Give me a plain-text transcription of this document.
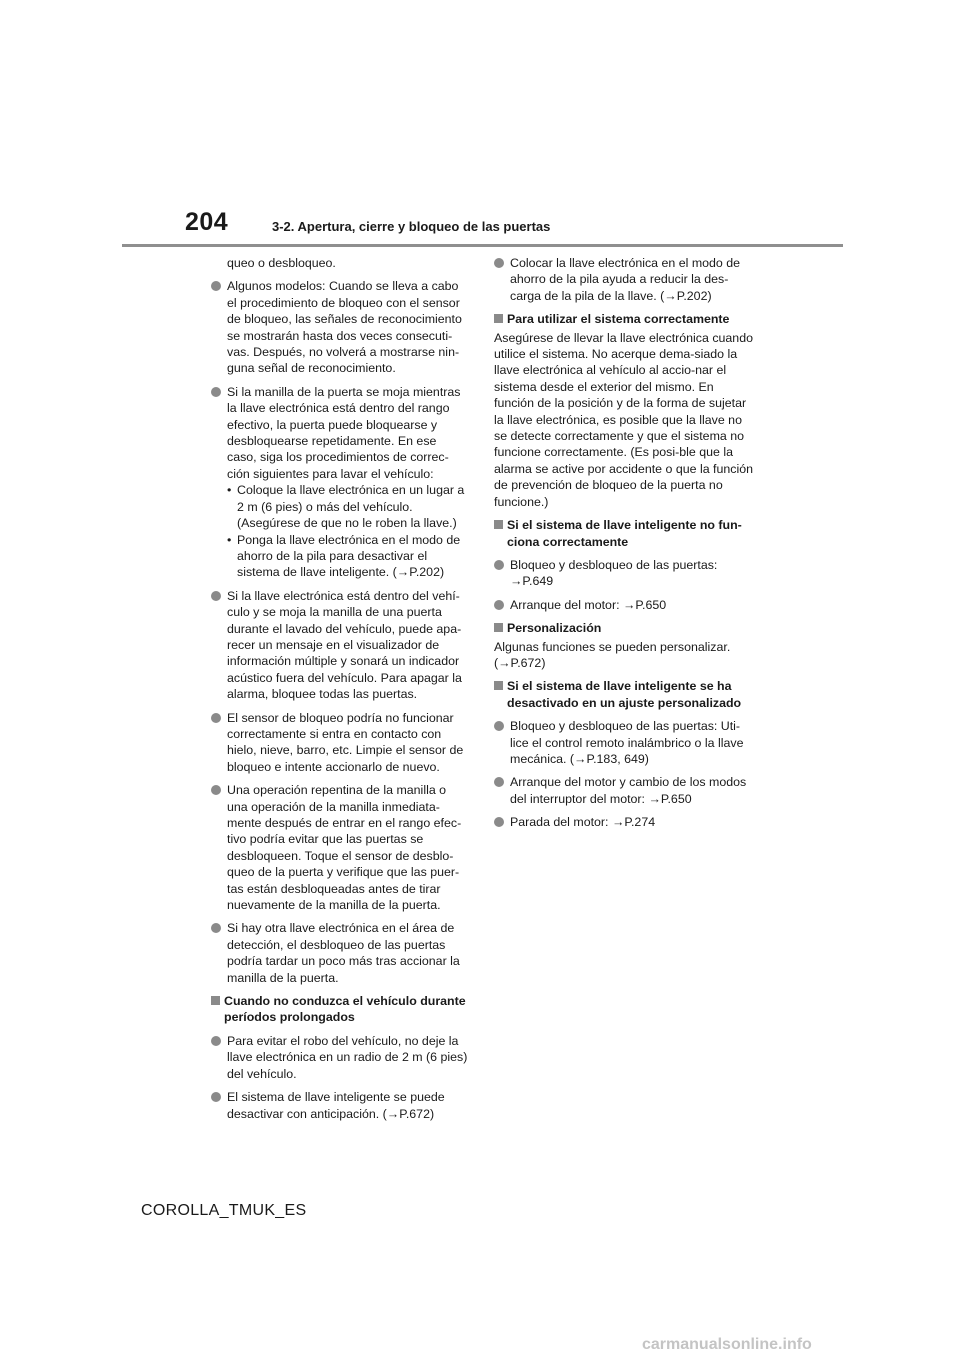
204	3-2. Apertura, cierre y bloqueo de las puertas
queo o desbloqueo.
Algunos modelos: Cuando se lleva a cabo el procedimiento de bloqueo con el sensor de bloqueo, las señales de reconocimiento se mostrarán hasta dos veces consecuti-vas. Después, no volverá a mostrarse nin-guna señal de reconocimiento.
Si la manilla de la puerta se moja mientras la llave electrónica está dentro del rango efectivo, la puerta puede bloquearse y desbloquearse repetidamente. En ese caso, siga los procedimientos de correc-ción siguientes para lavar el vehículo:
• Coloque la llave electrónica en un lugar a 2 m (6 pies) o más del vehículo. (Asegúrese de que no le roben la llave.)
• Ponga la llave electrónica en el modo de ahorro de la pila para desactivar el sistema de llave inteligente. (→P.202)
Si la llave electrónica está dentro del vehí-culo y se moja la manilla de una puerta durante el lavado del vehículo, puede apa-recer un mensaje en el visualizador de información múltiple y sonará un indicador acústico fuera del vehículo. Para apagar la alarma, bloquee todas las puertas.
El sensor de bloqueo podría no funcionar correctamente si entra en contacto con hielo, nieve, barro, etc. Limpie el sensor de bloqueo e intente accionarlo de nuevo.
Una operación repentina de la manilla o una operación de la manilla inmediata-mente después de entrar en el rango efec-tivo podría evitar que las puertas se desbloqueen. Toque el sensor de desblo-queo de la puerta y verifique que las puer-tas están desbloqueadas antes de tirar nuevamente de la manilla de la puerta.
Si hay otra llave electrónica en el área de detección, el desbloqueo de las puertas podría tardar un poco más tras accionar la manilla de la puerta.
Cuando no conduzca el vehículo durante períodos prolongados
Para evitar el robo del vehículo, no deje la llave electrónica en un radio de 2 m (6 pies) del vehículo.
El sistema de llave inteligente se puede desactivar con anticipación. (→P.672)
Colocar la llave electrónica en el modo de ahorro de la pila ayuda a reducir la des-carga de la pila de la llave. (→P.202)
Para utilizar el sistema correctamente
Asegúrese de llevar la llave electrónica cuando utilice el sistema. No acerque dema-siado la llave electrónica al vehículo al accio-nar el sistema desde el exterior del mismo. En función de la posición y de la forma de sujetar la llave electrónica, es posible que la llave no se detecte correctamente y que el sistema no funcione correctamente. (Es posi-ble que la alarma se active por accidente o que la función de prevención de bloqueo de la puerta no funcione.)
Si el sistema de llave inteligente no fun-ciona correctamente
Bloqueo y desbloqueo de las puertas: →P.649
Arranque del motor: →P.650
Personalización
Algunas funciones se pueden personalizar. (→P.672)
Si el sistema de llave inteligente se ha desactivado en un ajuste personalizado
Bloqueo y desbloqueo de las puertas: Uti-lice el control remoto inalámbrico o la llave mecánica. (→P.183, 649)
Arranque del motor y cambio de los modos del interruptor del motor: →P.650
Parada del motor: →P.274
COROLLA_TMUK_ES
carmanualsonline.info
